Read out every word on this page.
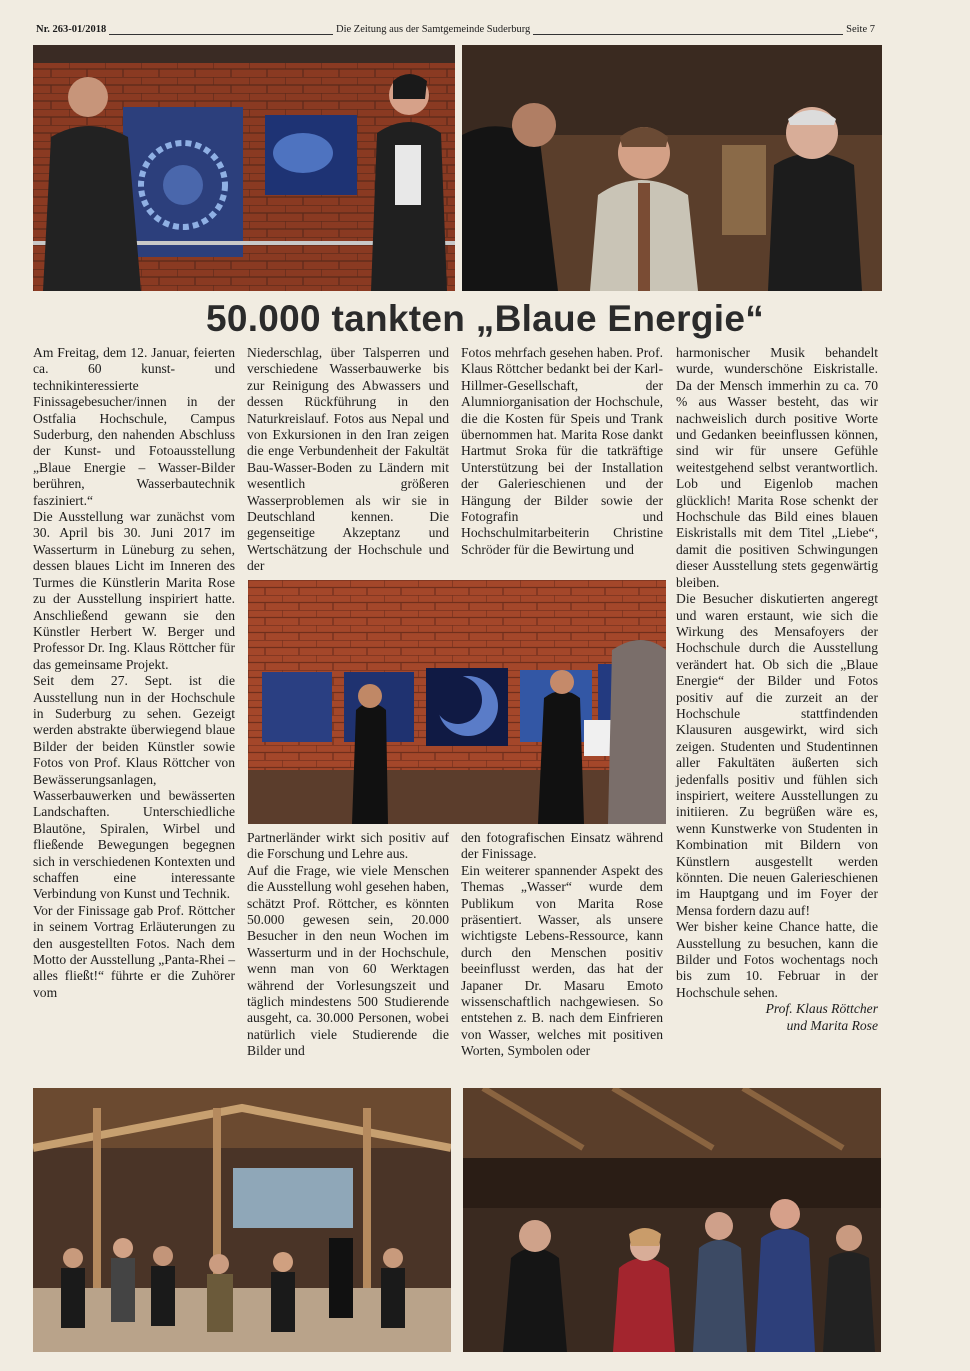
Nr. 263-01/2018	Die Zeitung aus der Samtgemeinde Suderburg	Seite 7
50.000 tankten „Blaue Energie“

Am Freitag, dem 12. Januar, feierten ca. 60 kunst- und technikinteressierte Finissagebesucher/innen in der Ostfalia Hochschule, Campus Suderburg, den nahenden Abschluss der Kunst- und Fotoausstellung „Blaue Energie – Wasser-Bilder berühren, Wasserbautechnik fasziniert.“

Die Ausstellung war zunächst vom 30. April bis 30. Juni 2017 im Wasserturm in Lüneburg zu sehen, dessen blaues Licht im Inneren des Turmes die Künstlerin Marita Rose zu der Ausstellung inspiriert hatte. Anschließend gewann sie den Künstler Herbert W. Berger und Professor Dr. Ing. Klaus Röttcher für das gemeinsame Projekt.

Seit dem 27. Sept. ist die Ausstellung nun in der Hochschule in Suderburg zu sehen. Gezeigt werden abstrakte überwiegend blaue Bilder der beiden Künstler sowie Fotos von Prof. Klaus Röttcher von Bewässerungsanlagen, Wasserbauwerken und bewässerten Landschaften. Unterschiedliche Blautöne, Spiralen, Wirbel und fließende Bewegungen begegnen sich in verschiedenen Kontexten und schaffen eine interessante Verbindung von Kunst und Technik.

Vor der Finissage gab Prof. Röttcher in seinem Vortrag Erläuterungen zu den ausgestellten Fotos. Nach dem Motto der Ausstellung „Panta-Rhei – alles fließt!“ führte er die Zuhörer vom

Niederschlag, über Talsperren und verschiedene Wasserbauwerke bis zur Reinigung des Abwassers und dessen Rückführung in den Naturkreislauf. Fotos aus Nepal und von Exkursionen in den Iran zeigen die enge Verbundenheit der Fakultät Bau-Wasser-Boden zu Ländern mit wesentlich größeren Wasserproblemen als wir sie in Deutschland kennen. Die gegenseitige Akzeptanz und Wertschätzung der Hochschule und der

Fotos mehrfach gesehen haben. Prof. Klaus Röttcher bedankt bei der Karl-Hillmer-Gesellschaft, der Alumniorganisation der Hochschule, die die Kosten für Speis und Trank übernommen hat. Marita Rose dankt Hartmut Sroka für die tatkräftige Unterstützung bei der Installation der Galerieschienen und der Hängung der Bilder sowie der Fotografin und Hochschulmitarbeiterin Christine Schröder für die Bewirtung und

Partnerländer wirkt sich positiv auf die Forschung und Lehre aus.

Auf die Frage, wie viele Menschen die Ausstellung wohl gesehen haben, schätzt Prof. Röttcher, es könnten 50.000 gewesen sein, 20.000 Besucher in den neun Wochen im Wasserturm und in der Hochschule, wenn man von 60 Werktagen während der Vorlesungszeit und täglich mindestens 500 Studierende ausgeht, ca. 30.000 Personen, wobei natürlich viele Studierende die Bilder und

den fotografischen Einsatz während der Finissage.

Ein weiterer spannender Aspekt des Themas „Wasser“ wurde dem Publikum von Marita Rose präsentiert. Wasser, als unsere wichtigste Lebens-Ressource, kann durch den Menschen positiv beeinflusst werden, das hat der Japaner Dr. Masaru Emoto wissenschaftlich nachgewiesen. So entstehen z. B. nach dem Einfrieren von Wasser, welches mit positiven Worten, Symbolen oder

harmonischer Musik behandelt wurde, wunderschöne Eiskristalle. Da der Mensch immerhin zu ca. 70 % aus Wasser besteht, das wir nachweislich durch positive Worte und Gedanken beeinflussen können, sind wir für unsere Gefühle weitestgehend selbst verantwortlich. Lob und Eigenlob machen glücklich! Marita Rose schenkt der Hochschule das Bild eines blauen Eiskristalls mit dem Titel „Liebe“, damit die positiven Schwingungen dieser Ausstellung stets gegenwärtig bleiben.

Die Besucher diskutierten angeregt und waren erstaunt, wie sich die Wirkung des Mensafoyers der Hochschule durch die Ausstellung verändert hat. Ob sich die „Blaue Energie“ der Bilder und Fotos positiv auf die zurzeit an der Hochschule stattfindenden Klausuren ausgewirkt, wird sich zeigen. Studenten und Studentinnen aller Fakultäten äußerten sich jedenfalls positiv und fühlen sich inspiriert, weitere Ausstellungen zu initiieren. Zu begrüßen wäre es, wenn Kunstwerke von Studenten in Kombination mit Bildern von Künstlern ausgestellt werden könnten. Die neuen Galerieschienen im Hauptgang und im Foyer der Mensa fordern dazu auf!

Wer bisher keine Chance hatte, die Ausstellung zu besuchen, kann die Bilder und Fotos wochentags noch bis zum 10. Februar in der Hochschule sehen.

Prof. Klaus Röttcher
und Marita Rose
